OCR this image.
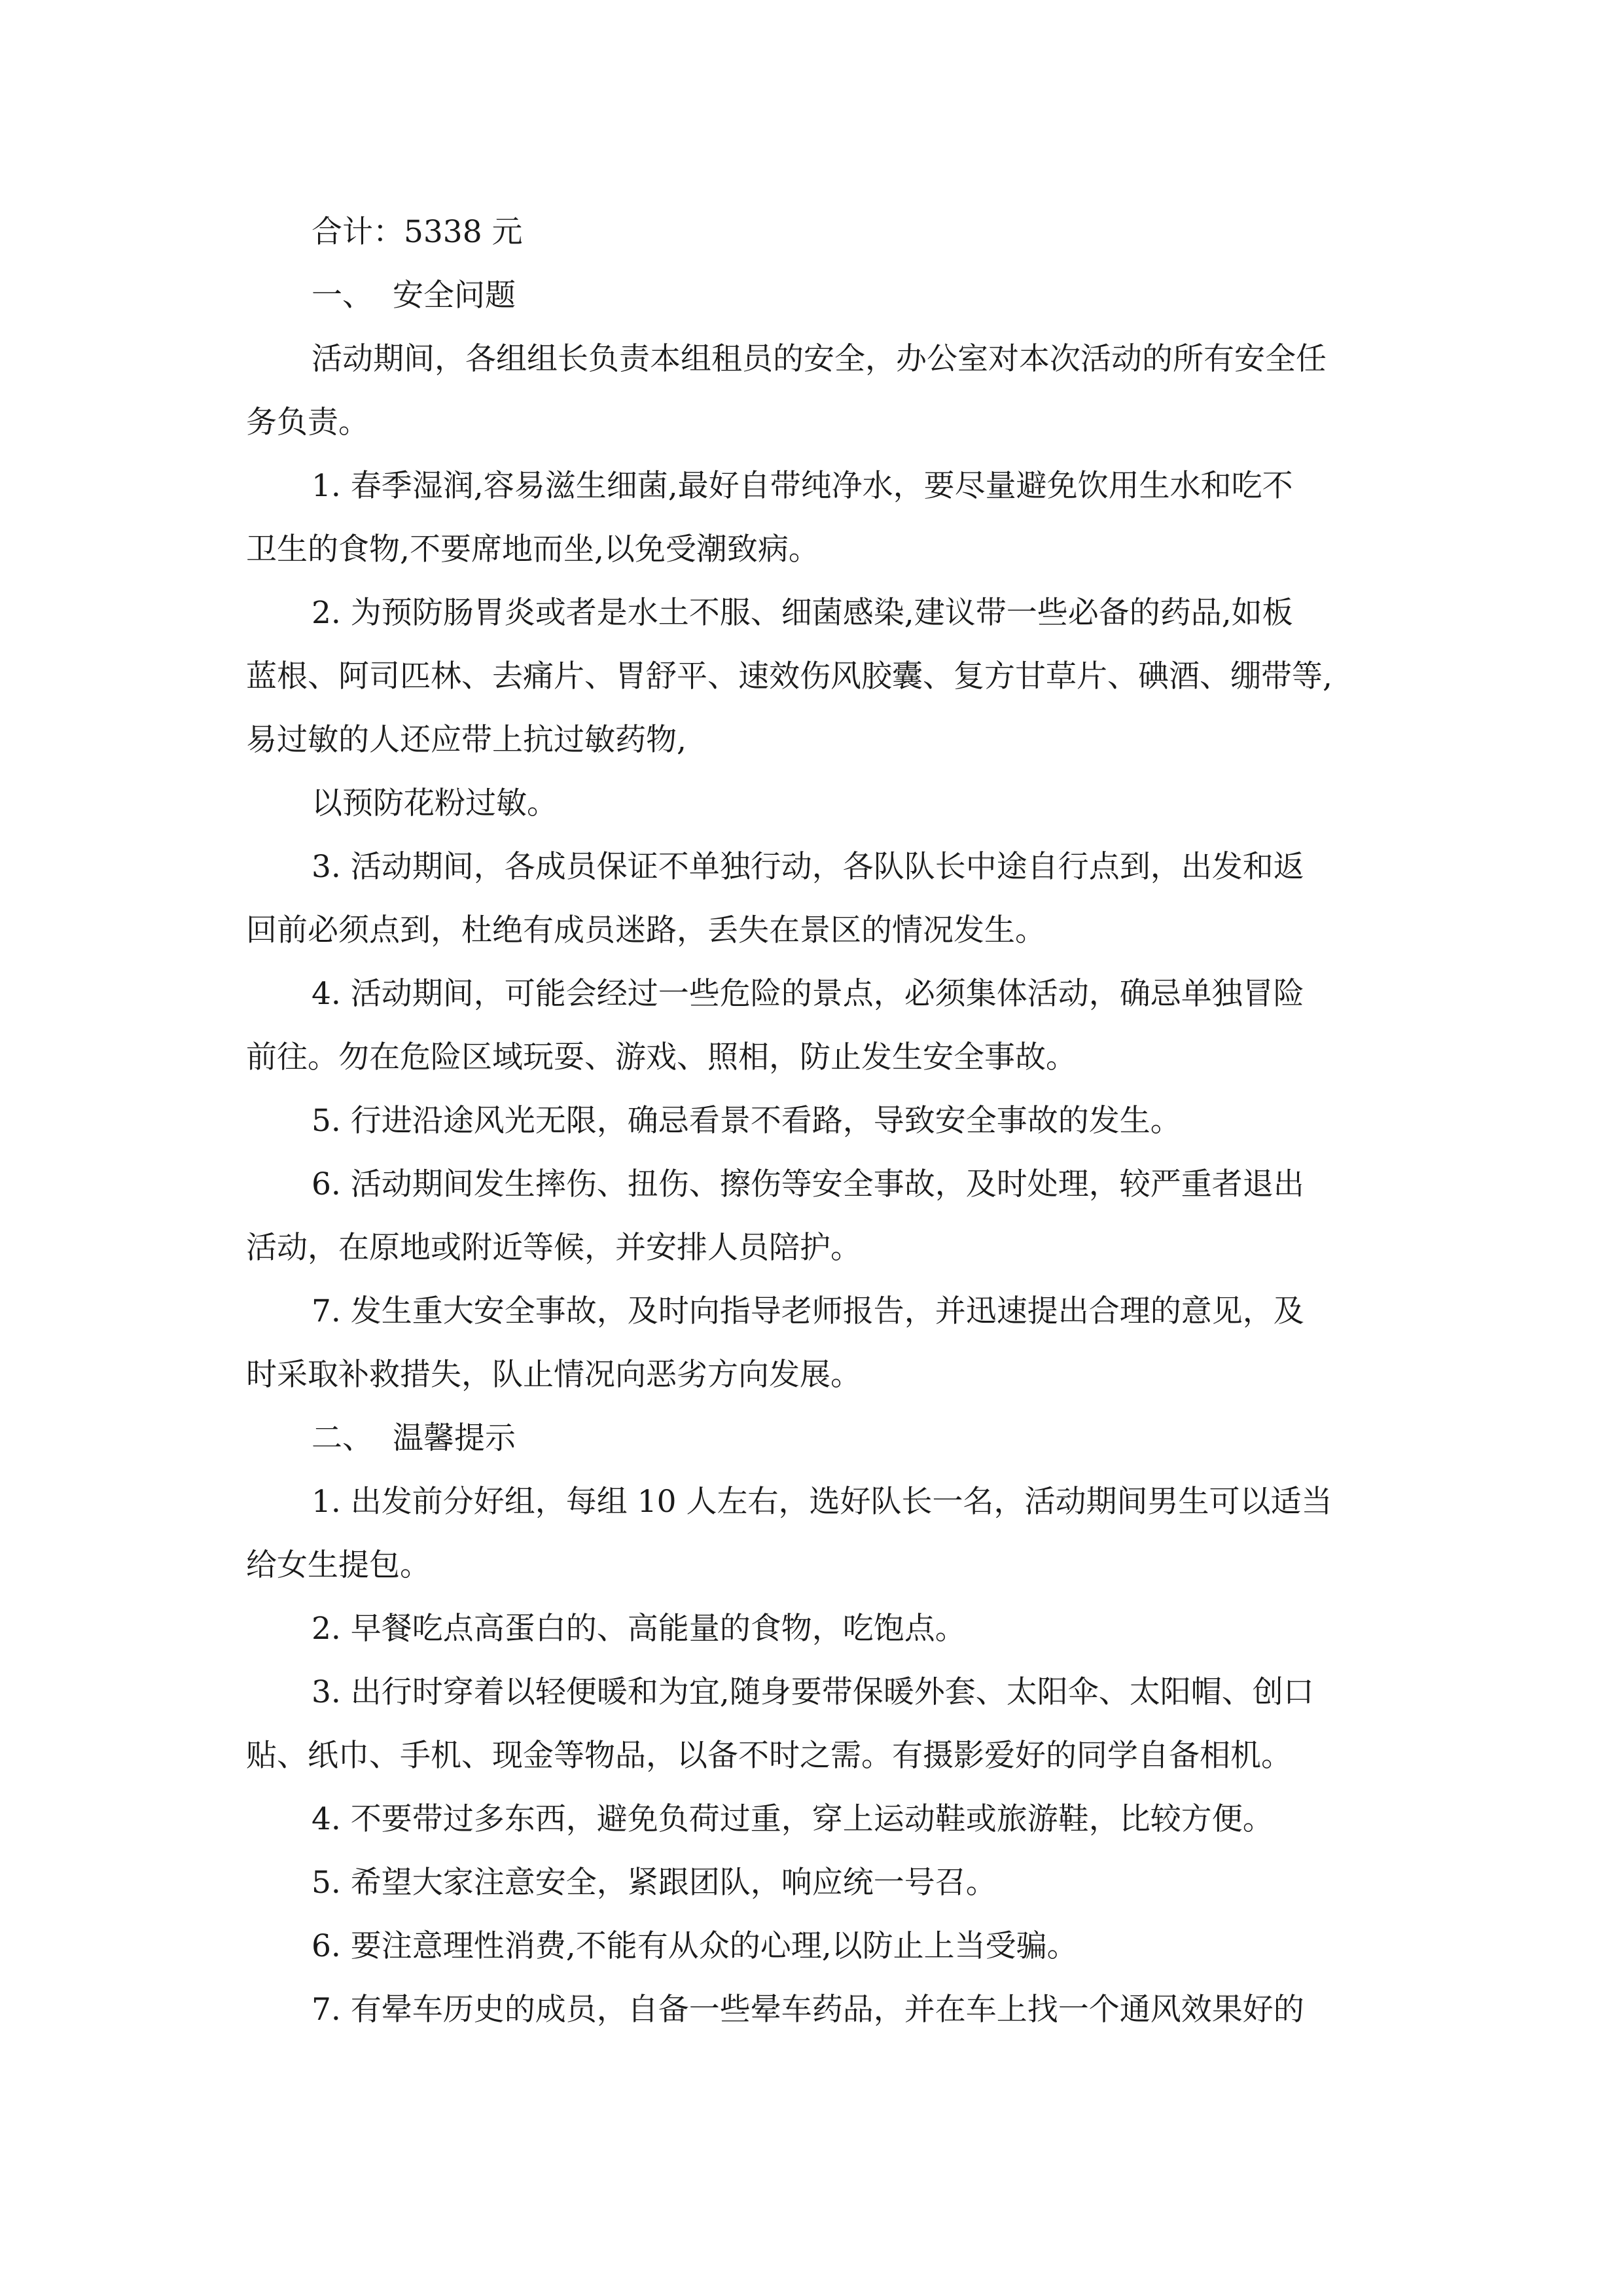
合计：5338 元

一、 安全问题

活动期间，各组组长负责本组租员的安全，办公室对本次活动的所有安全任

务负责。

1. 春季湿润,容易滋生细菌,最好自带纯净水，要尽量避免饮用生水和吃不

卫生的食物,不要席地而坐,以免受潮致病。

2. 为预防肠胃炎或者是水土不服、细菌感染,建议带一些必备的药品,如板

蓝根、阿司匹林、去痛片、胃舒平、速效伤风胶囊、复方甘草片、碘酒、绷带等,

易过敏的人还应带上抗过敏药物,

以预防花粉过敏。

3. 活动期间，各成员保证不单独行动，各队队长中途自行点到，出发和返

回前必须点到，杜绝有成员迷路，丢失在景区的情况发生。

4. 活动期间，可能会经过一些危险的景点，必须集体活动，确忌单独冒险

前往。勿在危险区域玩耍、游戏、照相，防止发生安全事故。

5. 行进沿途风光无限，确忌看景不看路，导致安全事故的发生。

6. 活动期间发生摔伤、扭伤、擦伤等安全事故，及时处理，较严重者退出

活动，在原地或附近等候，并安排人员陪护。

7. 发生重大安全事故，及时向指导老师报告，并迅速提出合理的意见，及

时采取补救措失，队止情况向恶劣方向发展。

二、 温馨提示

1. 出发前分好组，每组 10 人左右，选好队长一名，活动期间男生可以适当

给女生提包。

2. 早餐吃点高蛋白的、高能量的食物，吃饱点。

3. 出行时穿着以轻便暖和为宜,随身要带保暖外套、太阳伞、太阳帽、创口

贴、纸巾、手机、现金等物品，以备不时之需。有摄影爱好的同学自备相机。

4. 不要带过多东西，避免负荷过重，穿上运动鞋或旅游鞋，比较方便。

5. 希望大家注意安全，紧跟团队，响应统一号召。

6. 要注意理性消费,不能有从众的心理,以防止上当受骗。

7. 有晕车历史的成员，自备一些晕车药品，并在车上找一个通风效果好的
